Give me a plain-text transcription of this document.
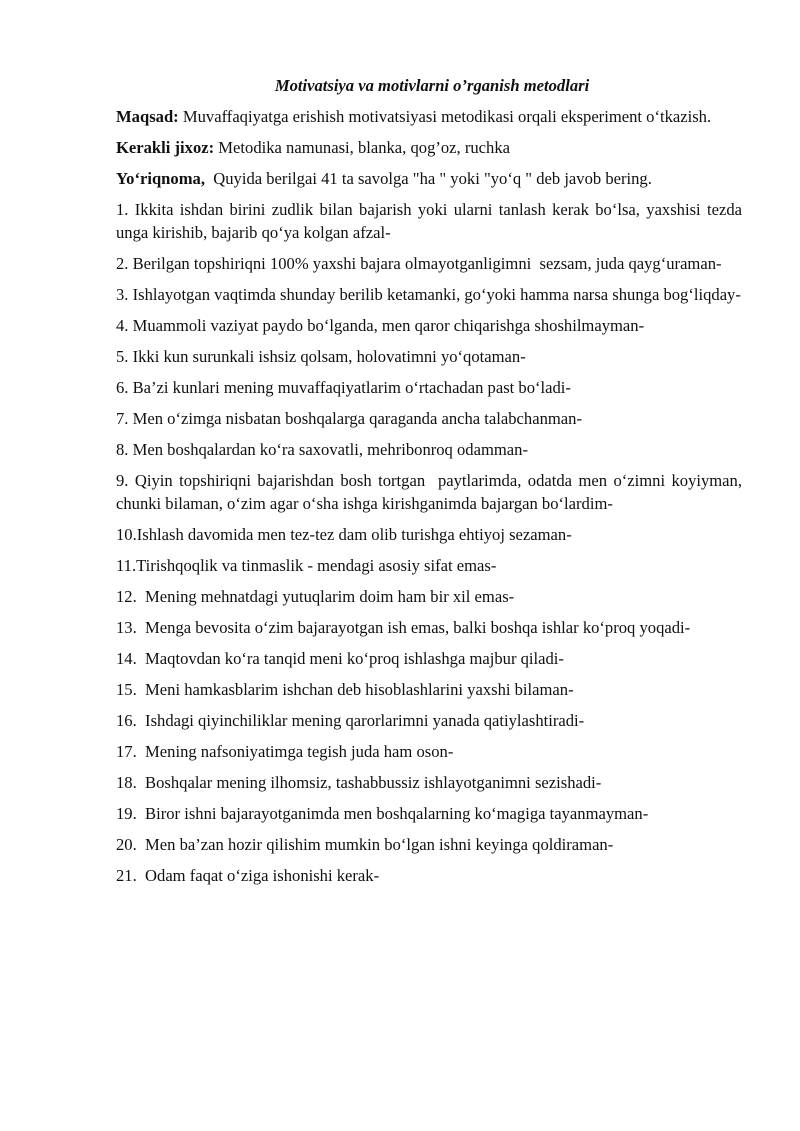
Motivatsiya va motivlarni o’rganish metodlari
Maqsad: Muvaffaqiyatga erishish motivatsiyasi metodikasi orqali eksperiment o‘tkazish.
Kerakli jixoz: Metodika namunasi, blanka, qog’oz, ruchka
Yo‘riqnoma,  Quyida berilgai 41 ta savolga "ha " yoki "yo‘q " deb javob bering.
1. Ikkita ishdan birini zudlik bilan bajarish yoki ularni tanlash kerak bo‘lsa, yaxshisi tezda unga kirishib, bajarib qo‘ya kolgan afzal-
2. Berilgan topshiriqni 100% yaxshi bajara olmayotganligimni  sezsam, juda qayg‘uraman-
3. Ishlayotgan vaqtimda shunday berilib ketamanki, go‘yoki hamma narsa shunga bog‘liqday-
4. Muammoli vaziyat paydo bo‘lganda, men qaror chiqarishga shoshilmayman-
5. Ikki kun surunkali ishsiz qolsam, holovatimni yo‘qotaman-
6. Ba’zi kunlari mening muvaffaqiyatlarim o‘rtachadan past bo‘ladi-
7. Men o‘zimga nisbatan boshqalarga qaraganda ancha talabchanman-
8. Men boshqalardan ko‘ra saxovatli, mehribonroq odamman-
9. Qiyin topshiriqni bajarishdan bosh tortgan  paytlarimda, odatda men o‘zimni koyiyman, chunki bilaman, o‘zim agar o‘sha ishga kirishganimda bajargan bo‘lardim-
10.Ishlash davomida men tez-tez dam olib turishga ehtiyoj sezaman-
11.Tirishqoqlik va tinmaslik - mendagi asosiy sifat emas-
12.  Mening mehnatdagi yutuqlarim doim ham bir xil emas-
13.  Menga bevosita o‘zim bajarayotgan ish emas, balki boshqa ishlar ko‘proq yoqadi-
14.  Maqtovdan ko‘ra tanqid meni ko‘proq ishlashga majbur qiladi-
15.  Meni hamkasblarim ishchan deb hisoblashlarini yaxshi bilaman-
16.  Ishdagi qiyinchiliklar mening qarorlarimni yanada qatiylashtiradi-
17.  Mening nafsoniyatimga tegish juda ham oson-
18.  Boshqalar mening ilhomsiz, tashabbussiz ishlayotganimni sezishadi-
19.  Biror ishni bajarayotganimda men boshqalarning ko‘magiga tayanmayman-
20.  Men ba’zan hozir qilishim mumkin bo‘lgan ishni keyinga qoldiraman-
21.  Odam faqat o‘ziga ishonishi kerak-
